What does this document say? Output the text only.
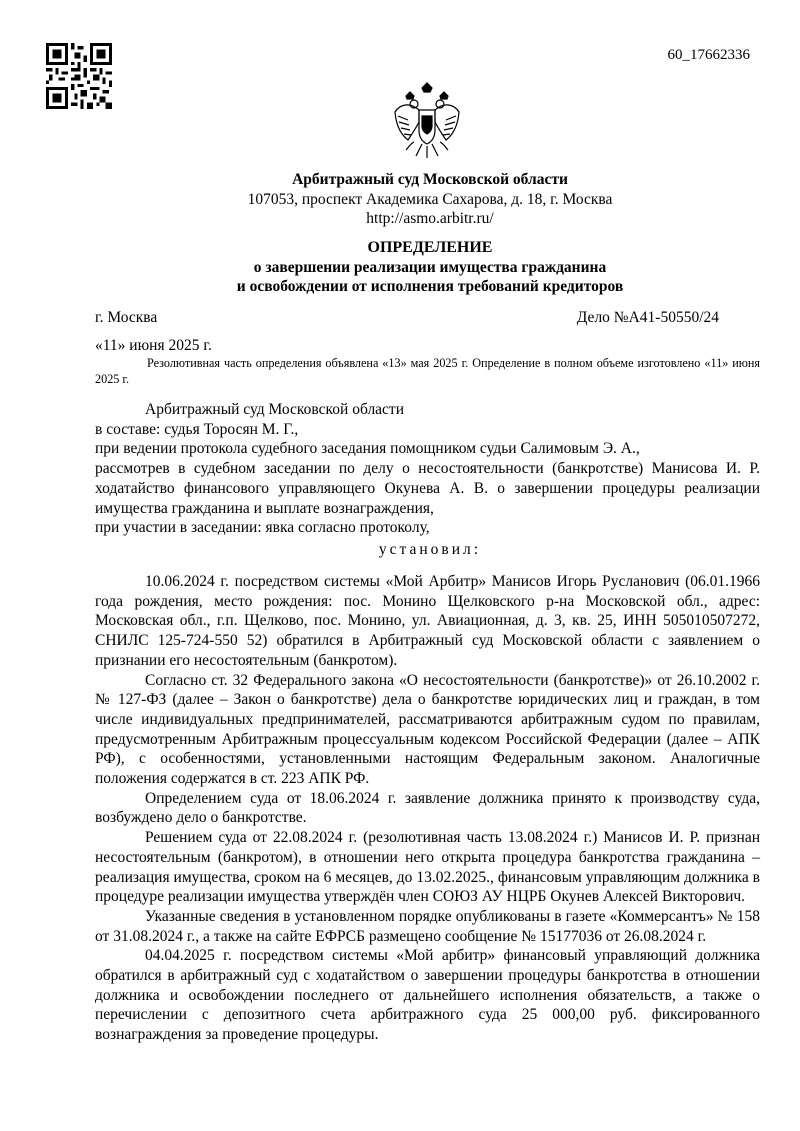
60_17662336
Арбитражный суд Московской области
107053, проспект Академика Сахарова, д. 18, г. Москва
http://asmo.arbitr.ru/
ОПРЕДЕЛЕНИЕ
о завершении реализации имущества гражданина
и освобождении от исполнения требований кредиторов
г. Москва	Дело №А41-50550/24
«11» июня 2025 г.
Резолютивная часть определения объявлена «13» мая 2025 г. Определение в полном объеме изготовлено «11» июня 2025 г.

Арбитражный суд Московской области

в составе: судья Торосян М. Г.,

при ведении протокола судебного заседания помощником судьи Салимовым Э. А.,

рассмотрев в судебном заседании по делу о несостоятельности (банкротстве) Манисова И. Р. ходатайство финансового управляющего Окунева А. В. о завершении процедуры реализации имущества гражданина и выплате вознаграждения,

при участии в заседании: явка согласно протоколу,

установил:

10.06.2024 г. посредством системы «Мой Арбитр» Манисов Игорь Русланович (06.01.1966 года рождения, место рождения: пос. Монино Щелковского р-на Московской обл., адрес: Московская обл., г.п. Щелково, пос. Монино, ул. Авиационная, д. 3, кв. 25, ИНН 505010507272, СНИЛС 125-724-550 52) обратился в Арбитражный суд Московской области с заявлением о признании его несостоятельным (банкротом).

Согласно ст. 32 Федерального закона «О несостоятельности (банкротстве)» от 26.10.2002 г. № 127-ФЗ (далее – Закон о банкротстве) дела о банкротстве юридических лиц и граждан, в том числе индивидуальных предпринимателей, рассматриваются арбитражным судом по правилам, предусмотренным Арбитражным процессуальным кодексом Российской Федерации (далее – АПК РФ), с особенностями, установленными настоящим Федеральным законом. Аналогичные положения содержатся в ст. 223 АПК РФ.

Определением суда от 18.06.2024 г. заявление должника принято к производству суда, возбуждено дело о банкротстве.

Решением суда от 22.08.2024 г. (резолютивная часть 13.08.2024 г.) Манисов И. Р. признан несостоятельным (банкротом), в отношении него открыта процедура банкротства гражданина – реализация имущества, сроком на 6 месяцев, до 13.02.2025., финансовым управляющим должника в процедуре реализации имущества утверждён член СОЮЗ АУ НЦРБ Окунев Алексей Викторович.

Указанные сведения в установленном порядке опубликованы в газете «Коммерсантъ» № 158 от 31.08.2024 г., а также на сайте ЕФРСБ размещено сообщение № 15177036 от 26.08.2024 г.

04.04.2025 г. посредством системы «Мой арбитр» финансовый управляющий должника обратился в арбитражный суд с ходатайством о завершении процедуры банкротства в отношении должника и освобождении последнего от дальнейшего исполнения обязательств, а также о перечислении с депозитного счета арбитражного суда 25 000,00 руб. фиксированного вознаграждения за проведение процедуры.
